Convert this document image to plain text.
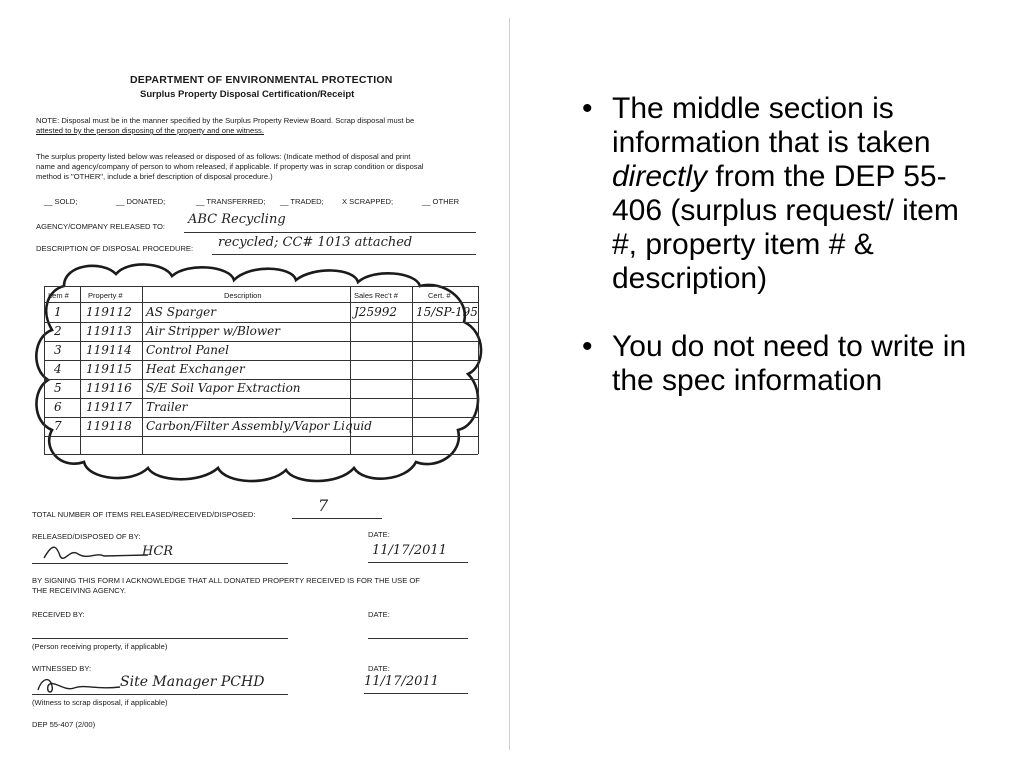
DEPARTMENT OF ENVIRONMENTAL PROTECTION
Surplus Property Disposal Certification/Receipt
NOTE: Disposal must be in the manner specified by the Surplus Property Review Board. Scrap disposal must be
attested to by the person disposing of the property and one witness.
The surplus property listed below was released or disposed of as follows: (Indicate method of disposal and print
name and agency/company of person to whom released, if applicable. If property was in scrap condition or disposal
method is "OTHER", include a brief description of disposal procedure.)
__ SOLD;	__ DONATED;	__ TRANSFERRED; __ TRADED; X SCRAPPED;	__ OTHER
AGENCY/COMPANY RELEASED TO: ABC Recycling
DESCRIPTION OF DISPOSAL PROCEDURE: recycled; CC# 1013 attached
Item #	Property #	Description	Sales Rec't #	Cert. #
1 119112 AS Sparger	J25992 15/SP-195
2 119113 Air Stripper w/Blower
3 119114 Control Panel
4 119115 Heat Exchanger
5 119116 S/E Soil Vapor Extraction
6 119117 Trailer
7 119118 Carbon/Filter Assembly/Vapor Liquid
TOTAL NUMBER OF ITEMS RELEASED/RECEIVED/DISPOSED:	7
RELEASED/DISPOSED OF BY:
HCR
DATE:
11/17/2011
BY SIGNING THIS FORM I ACKNOWLEDGE THAT ALL DONATED PROPERTY RECEIVED IS FOR THE USE OF
THE RECEIVING AGENCY.
RECEIVED BY:
(Person receiving property, if applicable)
DATE:
WITNESSED BY:
Site Manager PCHD
(Witness to scrap disposal, if applicable)
DATE:
11/17/2011
DEP 55-407 (2/00)
• The middle section is information that is taken directly from the DEP 55-406 (surplus request/ item #, property item # & description)
• You do not need to write in the spec information
